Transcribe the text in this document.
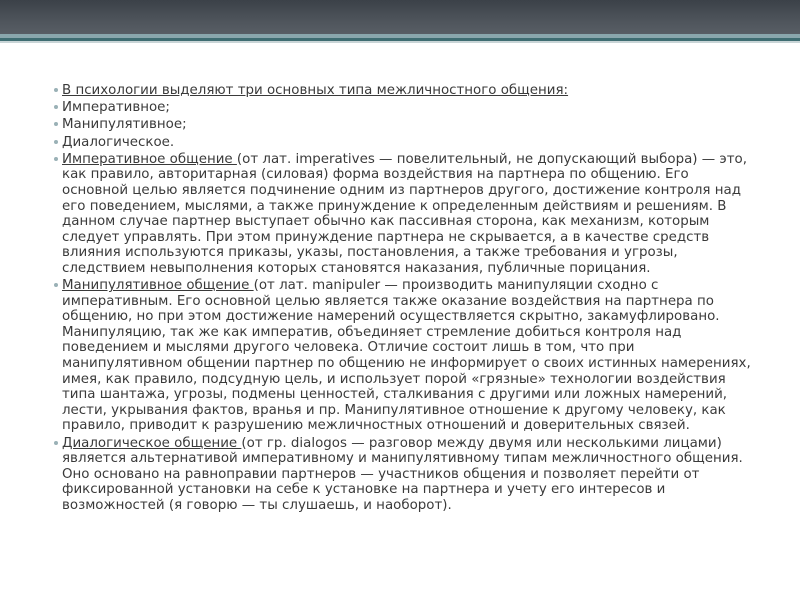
В психологии выделяют три основных типа межличностного общения:
Императивное;
Манипулятивное;
Диалогическое.
Императивное общение (от лат. imperatives — повелительный, не допускающий выбора) — это, как правило, авторитарная (силовая) форма воздействия на партнера по общению. Его основной целью является подчинение одним из партнеров другого, достижение контроля над его поведением, мыслями, а также принуждение к определенным действиям и решениям. В данном случае партнер выступает обычно как пассивная сторона, как механизм, которым следует управлять. При этом принуждение партнера не скрывается, а в качестве средств влияния используются приказы, указы, постановления, а также требования и угрозы, следствием невыполнения которых становятся наказания, публичные порицания.
Манипулятивное общение (от лат. manipuler — производить манипуляции сходно с императивным. Его основной целью является также оказание воздействия на партнера по общению, но при этом достижение намерений осуществляется скрытно, закамуфлировано. Манипуляцию, так же как императив, объединяет стремление добиться контроля над поведением и мыслями другого человека. Отличие состоит лишь в том, что при манипулятивном общении партнер по общению не информирует о своих истинных намерениях, имея, как правило, подсудную цель, и использует порой «грязные» технологии воздействия типа шантажа, угрозы, подмены ценностей, сталкивания с другими или ложных намерений, лести, укрывания фактов, вранья и пр. Манипулятивное отношение к другому человеку, как правило, приводит к разрушению межличностных отношений и доверительных связей.
Диалогическое общение (от гр. dialogos — разговор между двумя или несколькими лицами) является альтернативой императивному и манипулятивному типам межличностного общения. Оно основано на равноправии партнеров — участников общения и позволяет перейти от фиксированной установки на себе к установке на партнера и учету его интересов и возможностей (я говорю — ты слушаешь, и наоборот).
